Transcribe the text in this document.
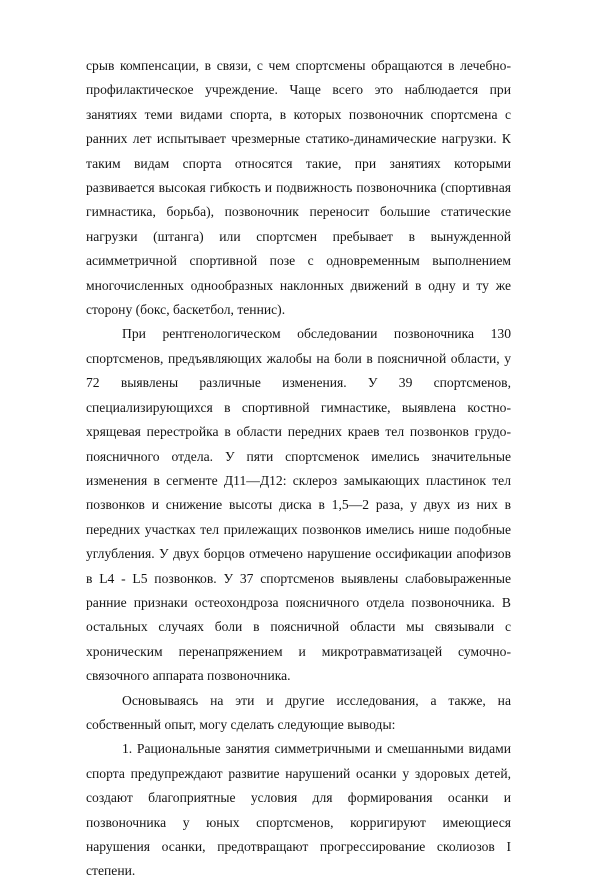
срыв компенсации, в связи, с чем спортсмены обращаются в лечебно-профилактическое учреждение. Чаще всего это наблюдается при занятиях теми видами спорта, в которых позвоночник спортсмена с ранних лет испытывает чрезмерные статико-динамические нагрузки. К таким видам спорта относятся такие, при занятиях которыми развивается высокая гибкость и подвижность позвоночника (спортивная гимнастика, борьба), позвоночник переносит большие статические нагрузки (штанга) или спортсмен пребывает в вынужденной асимметричной спортивной позе с одновременным выполнением многочисленных однообразных наклонных движений в одну и ту же сторону (бокс, баскетбол, теннис).

При рентгенологическом обследовании позвоночника 130 спортсменов, предъявляющих жалобы на боли в поясничной области, у 72 выявлены различные изменения. У 39 спортсменов, специализирующихся в спортивной гимнастике, выявлена костно-хрящевая перестройка в области передних краев тел позвонков грудо-поясничного отдела. У пяти спортсменок имелись значительные изменения в сегменте Д11—Д12: склероз замыкающих пластинок тел позвонков и снижение высоты диска в 1,5—2 раза, у двух из них в передних участках тел прилежащих позвонков имелись нише подобные углубления. У двух борцов отмечено нарушение оссификации апофизов в L4 - L5 позвонков. У 37 спортсменов выявлены слабовыраженные ранние признаки остеохондроза поясничного отдела позвоночника. В остальных случаях боли в поясничной области мы связывали с хроническим перенапряжением и микротравматизацей сумочно-связочного аппарата позвоночника.

Основываясь на эти и другие исследования, а также, на собственный опыт, могу сделать следующие выводы:

1. Рациональные занятия симметричными и смешанными видами спорта предупреждают развитие нарушений осанки у здоровых детей, создают благоприятные условия для формирования осанки и позвоночника у юных спортсменов, корригируют имеющиеся нарушения осанки, предотвращают прогрессирование сколиозов I степени.
